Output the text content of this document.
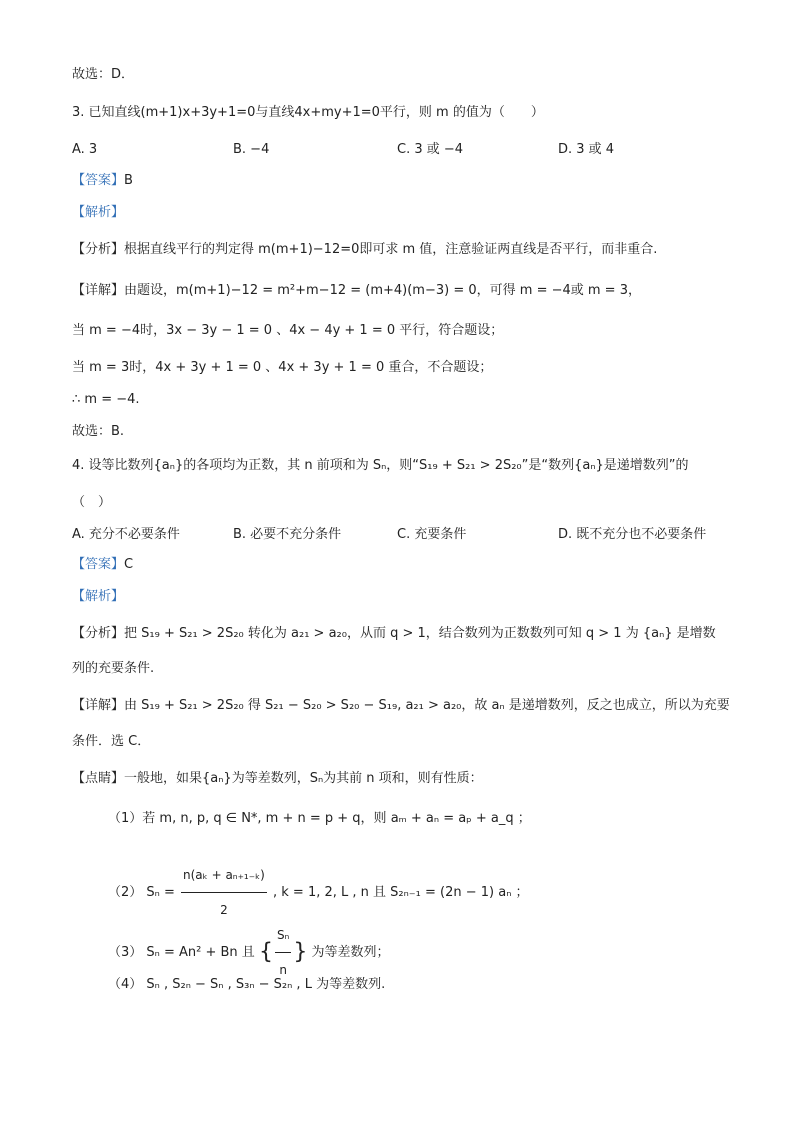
故选：D．
3. 已知直线(m+1)x+3y+1=0与直线4x+my+1=0平行，则 m 的值为（　　）
A. 3	B. −4	C. 3 或 −4	D. 3 或 4
【答案】B
【解析】
【分析】根据直线平行的判定得 m(m+1)−12=0即可求 m 值，注意验证两直线是否平行，而非重合.
【详解】由题设，m(m+1)−12 = m²+m−12 = (m+4)(m−3) = 0，可得 m = −4或 m = 3，
当 m = −4时，3x − 3y − 1 = 0 、4x − 4y + 1 = 0 平行，符合题设；
当 m = 3时，4x + 3y + 1 = 0 、4x + 3y + 1 = 0 重合，不合题设；
∴ m = −4.
故选：B.
4. 设等比数列{aₙ}的各项均为正数，其 n 前项和为 Sₙ，则“S₁₉ + S₂₁ > 2S₂₀”是“数列{aₙ}是递增数列”的
（　）
A. 充分不必要条件	B. 必要不充分条件	C. 充要条件	D. 既不充分也不必要条件
【答案】C
【解析】
【分析】把 S₁₉ + S₂₁ > 2S₂₀ 转化为 a₂₁ > a₂₀，从而 q > 1，结合数列为正数数列可知 q > 1 为 {aₙ} 是增数
列的充要条件.
【详解】由 S₁₉ + S₂₁ > 2S₂₀ 得 S₂₁ − S₂₀ > S₂₀ − S₁₉, a₂₁ > a₂₀，故 aₙ 是递增数列，反之也成立，所以为充要
条件．选 C．
【点睛】一般地，如果{aₙ}为等差数列，Sₙ为其前 n 项和，则有性质：
（1）若 m, n, p, q ∈ N*, m + n = p + q，则 aₘ + aₙ = aₚ + a_q ；
（2） $S_n = \frac{\text{n(aₖ + aₙ₊₁₋ₖ)}}{2}$ , k = 1, 2, L , n 且 S₂ₙ₋₁ = (2n − 1) aₙ ；
（3） Sₙ = An² + Bn 且 { $\frac{\text{Sₙ}}{n}$ } 为等差数列；
（4） Sₙ , S₂ₙ − Sₙ , S₃ₙ − S₂ₙ , L 为等差数列.
